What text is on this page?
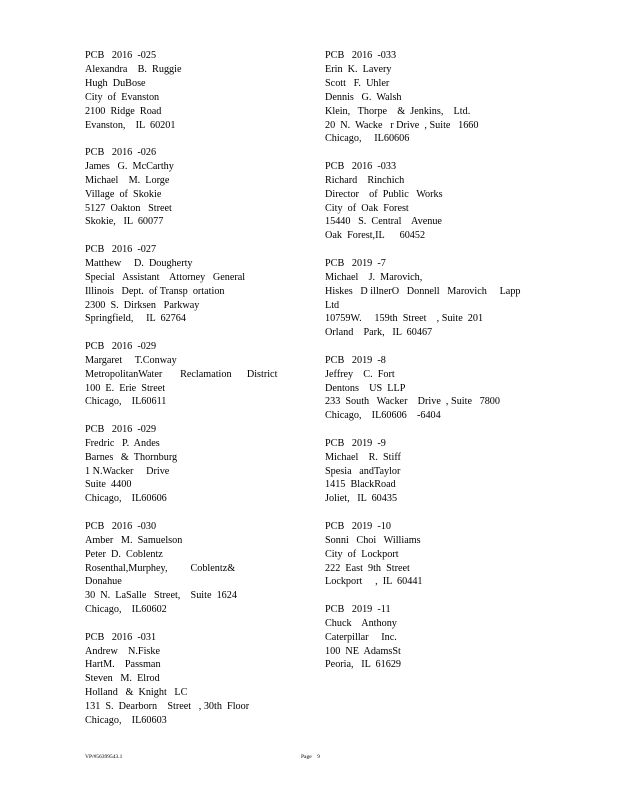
PCB   2016  -025
Alexandra    B.  Ruggie
Hugh  DuBose
City  of  Evanston
2100  Ridge  Road
Evanston,    IL  60201
PCB   2016  -026
James   G.  McCarthy
Michael    M.  Lorge
Village  of  Skokie
5127  Oakton   Street
Skokie,   IL  60077
PCB   2016  -027
Matthew     D.  Dougherty
Special   Assistant    Attorney   General
Illinois   Dept.  of Transp  ortation
2300  S.  Dirksen   Parkway
Springfield,     IL  62764
PCB   2016  -029
Margaret     T.Conway
MetropolitanWater       Reclamation      District
100  E.  Erie  Street
Chicago,    IL60611
PCB   2016  -029
Fredric   P.  Andes
Barnes   &  Thornburg
1 N.Wacker     Drive
Suite  4400
Chicago,    IL60606
PCB   2016  -030
Amber   M.  Samuelson
Peter  D.  Coblentz
Rosenthal,Murphey,         Coblentz&
Donahue
30  N.  LaSalle   Street,    Suite  1624
Chicago,    IL60602
PCB   2016  -031
Andrew    N.Fiske
HartM.    Passman
Steven   M.  Elrod
Holland   &  Knight   LC
131  S.  Dearborn    Street   , 30th  Floor
Chicago,    IL60603
PCB   2016  -033
Erin  K.  Lavery
Scott   F.  Uhler
Dennis   G.  Walsh
Klein,   Thorpe    &  Jenkins,    Ltd.
20  N.  Wacke   r Drive  , Suite   1660
Chicago,     IL60606
PCB   2016  -033
Richard    Rinchich
Director    of  Public   Works
City  of  Oak  Forest
15440   S.  Central    Avenue
Oak  Forest,IL      60452
PCB   2019  -7
Michael    J.  Marovich,
Hiskes   D illnerO   Donnell   Marovich     Lapp
Ltd
10759W.     159th  Street    , Suite  201
Orland    Park,   IL  60467
PCB   2019  -8
Jeffrey    C.  Fort
Dentons    US  LLP
233  South   Wacker    Drive  , Suite   7800
Chicago,    IL60606    -6404
PCB   2019  -9
Michael    R.  Stiff
Spesia   andTaylor
1415  BlackRoad
Joliet,   IL  60435
PCB   2019  -10
Sonni   Choi   Williams
City  of  Lockport
222  East  9th  Street
Lockport     ,  IL  60441
PCB   2019  -11
Chuck    Anthony
Caterpillar     Inc.
100  NE  AdamsSt
Peoria,   IL  61629
VP/#56399543.1	Page    9
